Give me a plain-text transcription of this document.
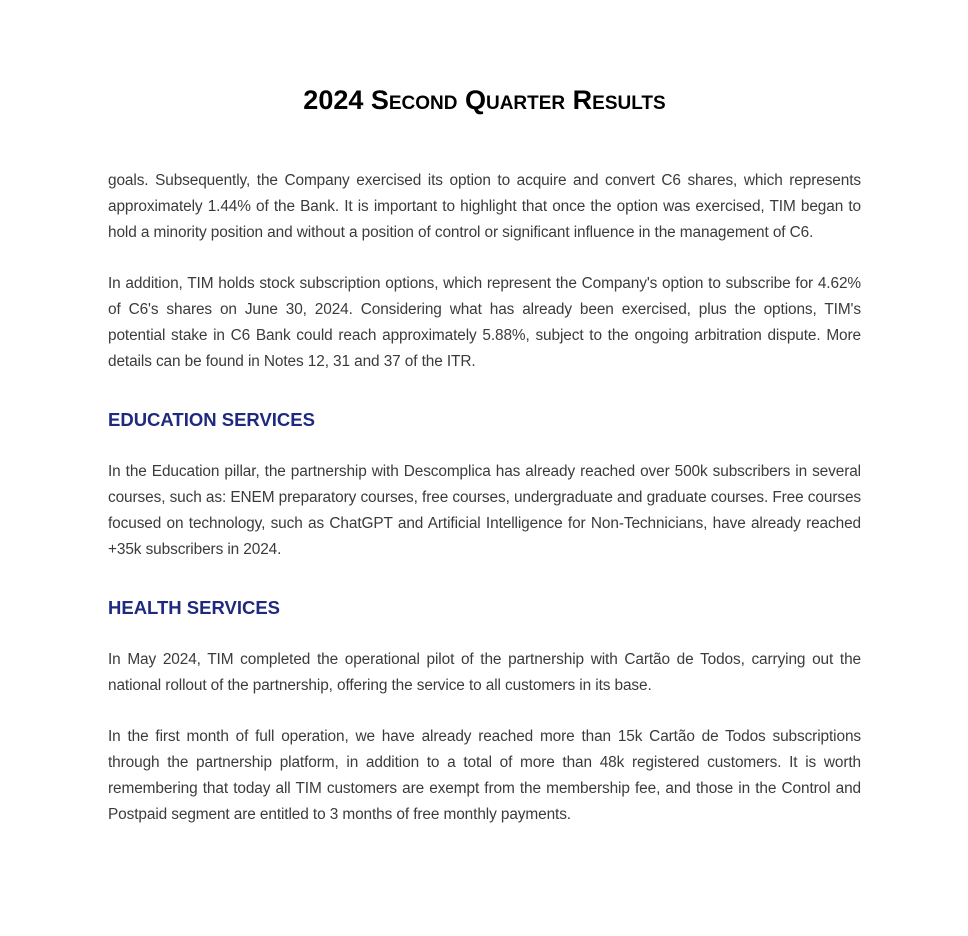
2024 Second Quarter Results

goals. Subsequently, the Company exercised its option to acquire and convert C6 shares, which represents approximately 1.44% of the Bank. It is important to highlight that once the option was exercised, TIM began to hold a minority position and without a position of control or significant influence in the management of C6.

In addition, TIM holds stock subscription options, which represent the Company's option to subscribe for 4.62% of C6's shares on June 30, 2024. Considering what has already been exercised, plus the options, TIM's potential stake in C6 Bank could reach approximately 5.88%, subject to the ongoing arbitration dispute. More details can be found in Notes 12, 31 and 37 of the ITR.

EDUCATION SERVICES

In the Education pillar, the partnership with Descomplica has already reached over 500k subscribers in several courses, such as: ENEM preparatory courses, free courses, undergraduate and graduate courses. Free courses focused on technology, such as ChatGPT and Artificial Intelligence for Non-Technicians, have already reached +35k subscribers in 2024.

HEALTH SERVICES

In May 2024, TIM completed the operational pilot of the partnership with Cartão de Todos, carrying out the national rollout of the partnership, offering the service to all customers in its base.

In the first month of full operation, we have already reached more than 15k Cartão de Todos subscriptions through the partnership platform, in addition to a total of more than 48k registered customers. It is worth remembering that today all TIM customers are exempt from the membership fee, and those in the Control and Postpaid segment are entitled to 3 months of free monthly payments.
